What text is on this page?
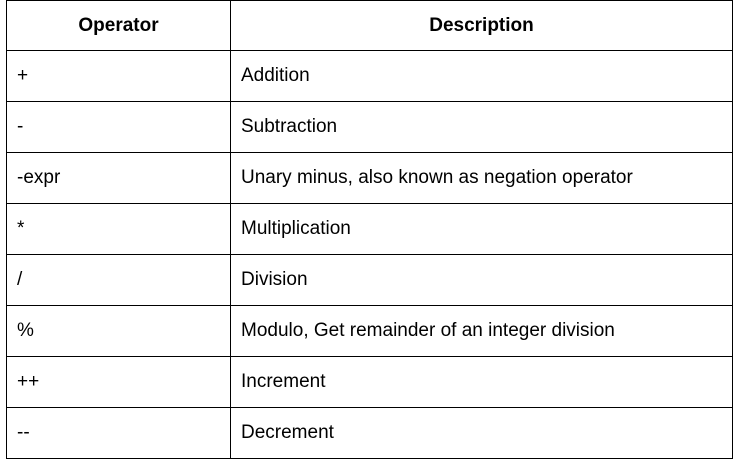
Operator	Description
+	Addition
-	Subtraction
-expr	Unary minus, also known as negation operator
*	Multiplication
/	Division
%	Modulo, Get remainder of an integer division
++	Increment
--	Decrement
